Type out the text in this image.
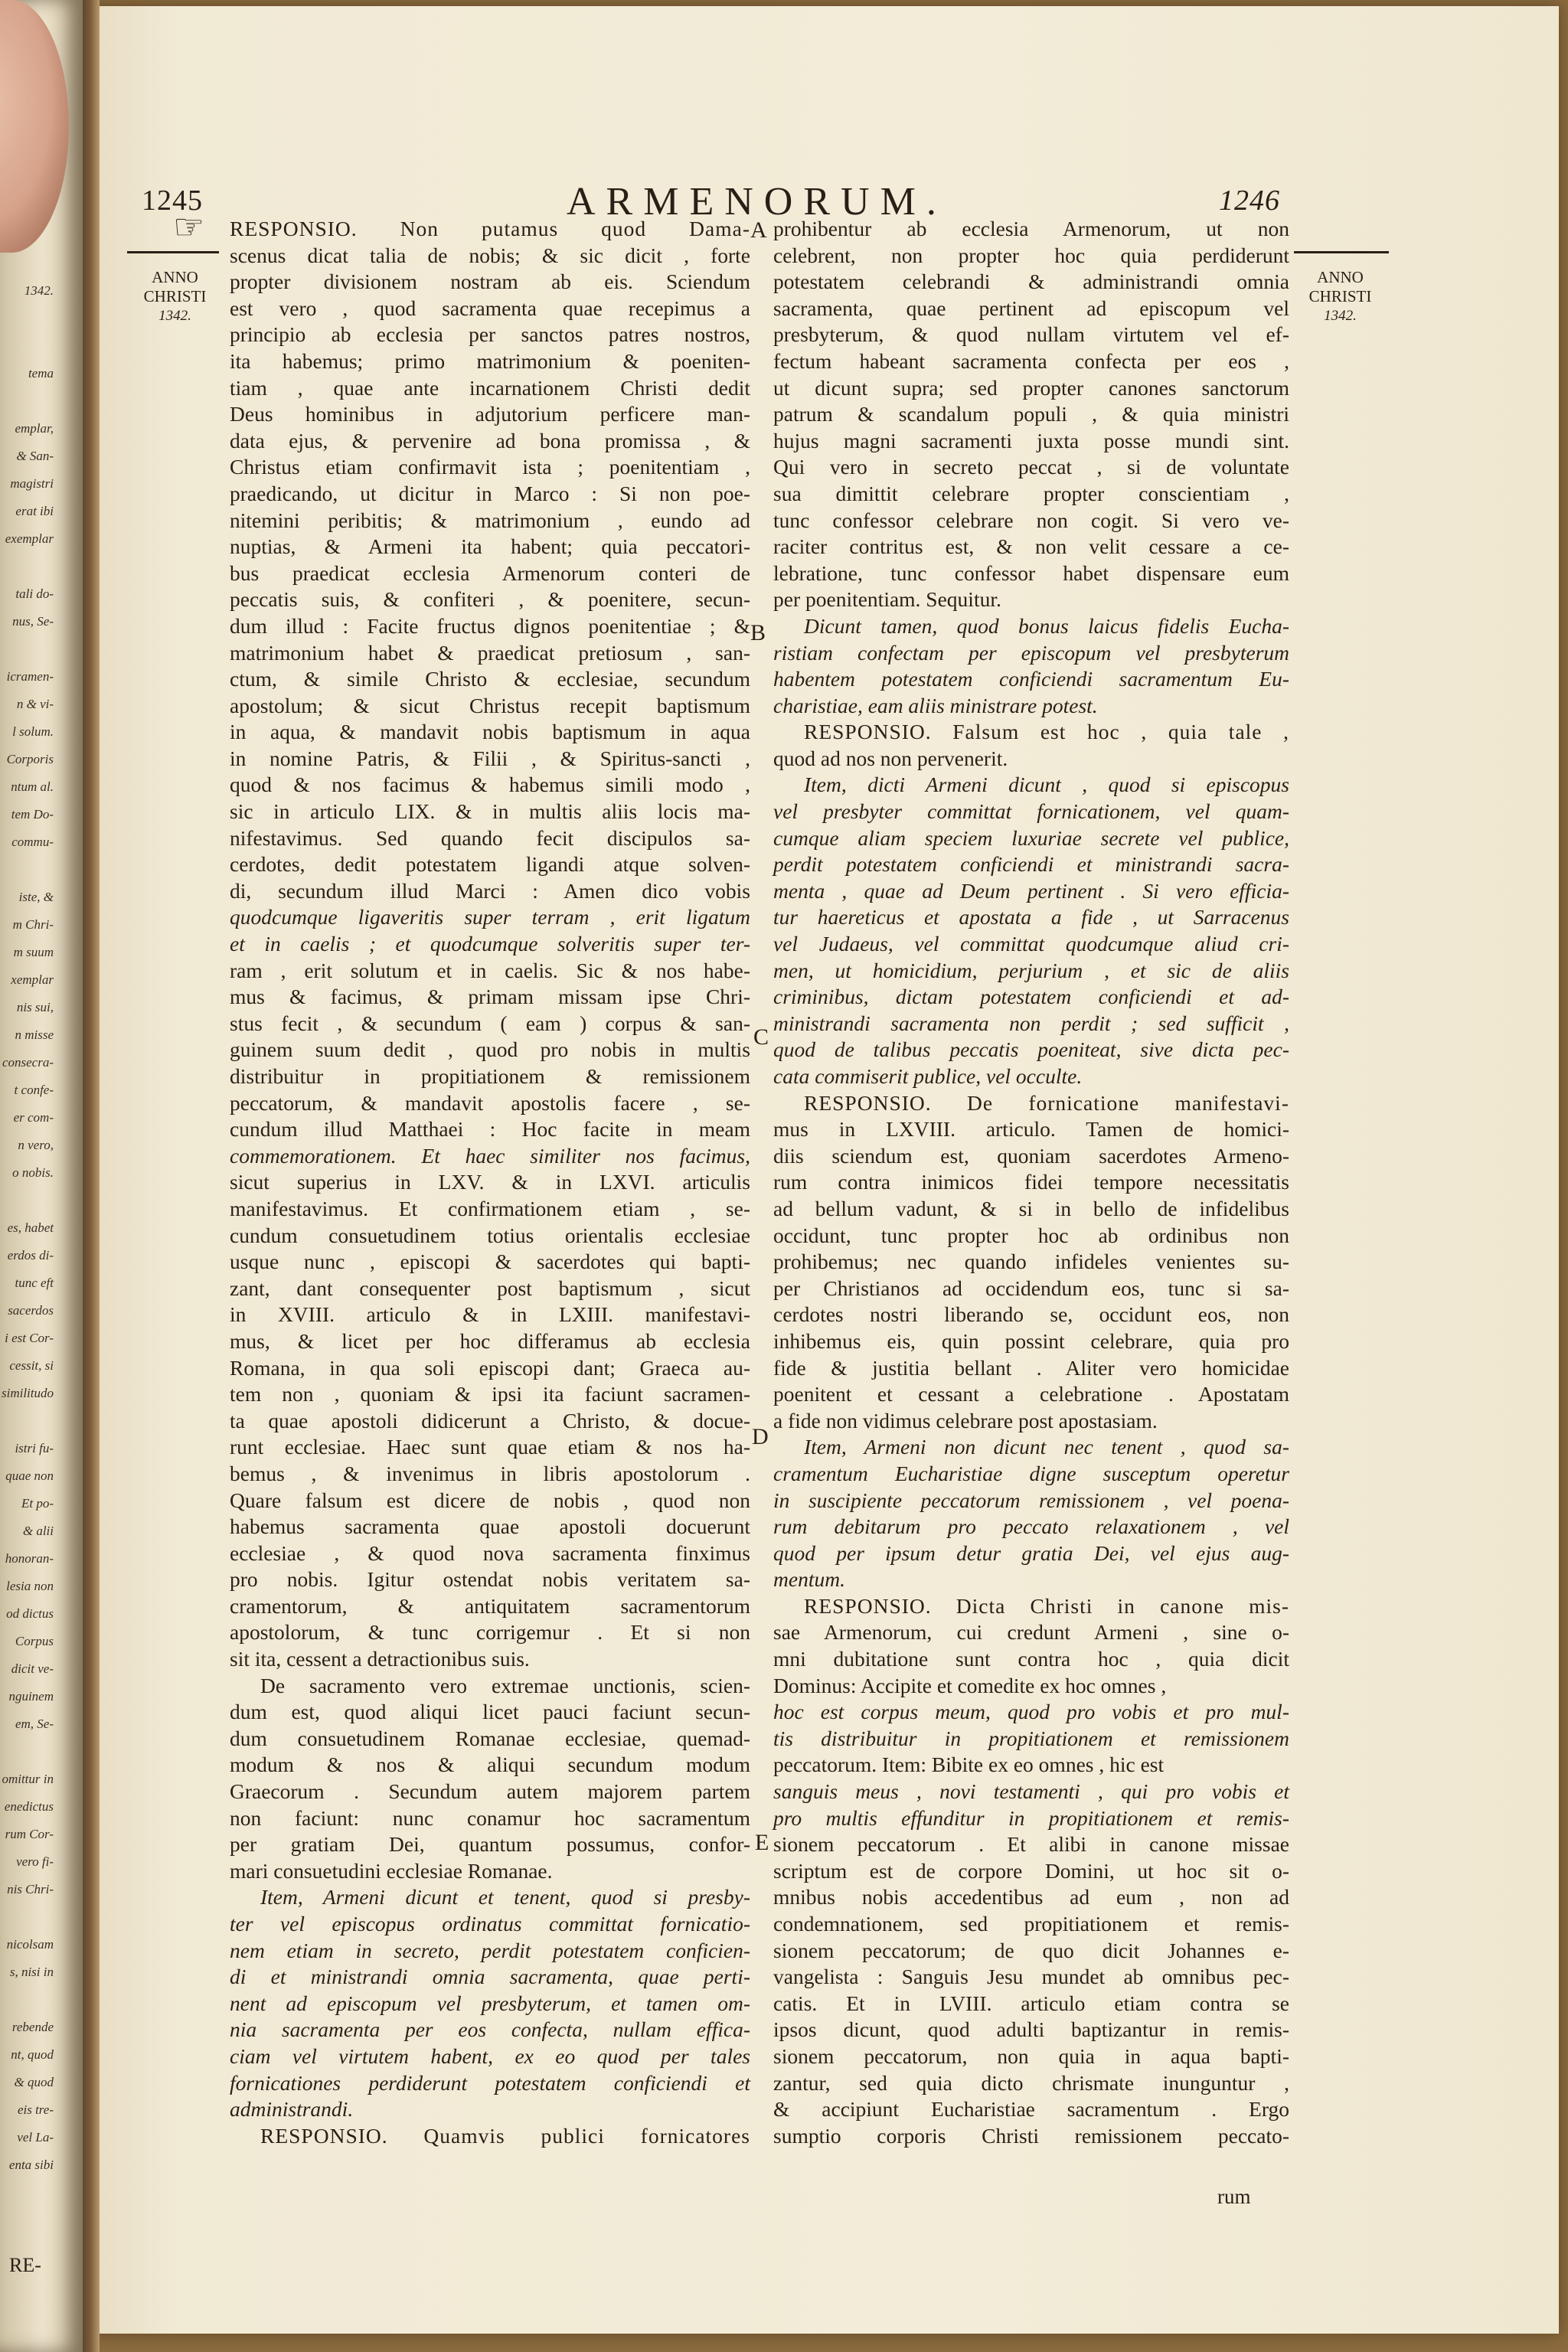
1342.
tema
emplar,
& San-
magistri
erat ibi
exemplar
tali do-
nus, Se-
icramen-
n & vi-
l solum.
Corporis
ntum al.
tem Do-
commu-
iste, &
m Chri-
m suum
xemplar
nis sui,
n misse
consecra-
t confe-
er com-
n vero,
o nobis.
es, habet
erdos di-
tunc eft
sacerdos
i est Cor-
cessit, si
similitudo
istri fu-
quae non
Et po-
& alii
honoran-
lesia non
od dictus
Corpus
dicit ve-
nguinem
em, Se-
omittur in
enedictus
rum Cor-
vero fi-
nis Chri-
nicolsam
s, nisi in
rebende
nt, quod
& quod
eis tre-
vel La-
enta sibi
RE-
1245	ARMENORUM.	1246
☞
ANNO
CHRISTI
1342.
ANNO
CHRISTI
1342.
A
B
C
D
E
RESPONSIO. Non putamus quod Dama-
scenus dicat talia de nobis; & sic dicit , forte
propter divisionem nostram ab eis. Sciendum
est vero , quod sacramenta quae recepimus a
principio ab ecclesia per sanctos patres nostros,
ita habemus; primo matrimonium & poeniten-
tiam , quae ante incarnationem Christi dedit
Deus hominibus in adjutorium perficere man-
data ejus, & pervenire ad bona promissa , &
Christus etiam confirmavit ista ; poenitentiam ,
praedicando, ut dicitur in Marco : Si non poe-
nitemini peribitis; & matrimonium , eundo ad
nuptias, & Armeni ita habent; quia peccatori-
bus praedicat ecclesia Armenorum conteri de
peccatis suis, & confiteri , & poenitere, secun-
dum illud : Facite fructus dignos poenitentiae ; &
matrimonium habet & praedicat pretiosum , san-
ctum, & simile Christo & ecclesiae, secundum
apostolum; & sicut Christus recepit baptismum
in aqua, & mandavit nobis baptismum in aqua
in nomine Patris, & Filii , & Spiritus-sancti ,
quod & nos facimus & habemus simili modo ,
sic in articulo LIX. & in multis aliis locis ma-
nifestavimus. Sed quando fecit discipulos sa-
cerdotes, dedit potestatem ligandi atque solven-
di, secundum illud Marci : Amen dico vobis
quodcumque ligaveritis super terram , erit ligatum
et in caelis ; et quodcumque solveritis super ter-
ram , erit solutum et in caelis. Sic & nos habe-
mus & facimus, & primam missam ipse Chri-
stus fecit , & secundum ( eam ) corpus & san-
guinem suum dedit , quod pro nobis in multis
distribuitur in propitiationem & remissionem
peccatorum, & mandavit apostolis facere , se-
cundum illud Matthaei : Hoc facite in meam
commemorationem. Et haec similiter nos facimus,
sicut superius in LXV. & in LXVI. articulis
manifestavimus. Et confirmationem etiam , se-
cundum consuetudinem totius orientalis ecclesiae
usque nunc , episcopi & sacerdotes qui bapti-
zant, dant consequenter post baptismum , sicut
in XVIII. articulo & in LXIII. manifestavi-
mus, & licet per hoc differamus ab ecclesia
Romana, in qua soli episcopi dant; Graeca au-
tem non , quoniam & ipsi ita faciunt sacramen-
ta quae apostoli didicerunt a Christo, & docue-
runt ecclesiae. Haec sunt quae etiam & nos ha-
bemus , & invenimus in libris apostolorum .
Quare falsum est dicere de nobis , quod non
habemus sacramenta quae apostoli docuerunt
ecclesiae , & quod nova sacramenta finximus
pro nobis. Igitur ostendat nobis veritatem sa-
cramentorum, & antiquitatem sacramentorum
apostolorum, & tunc corrigemur . Et si non
sit ita, cessent a detractionibus suis.
De sacramento vero extremae unctionis, scien-
dum est, quod aliqui licet pauci faciunt secun-
dum consuetudinem Romanae ecclesiae, quemad-
modum & nos & aliqui secundum modum
Graecorum . Secundum autem majorem partem
non faciunt: nunc conamur hoc sacramentum
per gratiam Dei, quantum possumus, confor-
mari consuetudini ecclesiae Romanae.
Item, Armeni dicunt et tenent, quod si presby-
ter vel episcopus ordinatus committat fornicatio-
nem etiam in secreto, perdit potestatem conficien-
di et ministrandi omnia sacramenta, quae perti-
nent ad episcopum vel presbyterum, et tamen om-
nia sacramenta per eos confecta, nullam effica-
ciam vel virtutem habent, ex eo quod per tales
fornicationes perdiderunt potestatem conficiendi et
administrandi.
RESPONSIO. Quamvis publici fornicatores
prohibentur ab ecclesia Armenorum, ut non
celebrent, non propter hoc quia perdiderunt
potestatem celebrandi & administrandi omnia
sacramenta, quae pertinent ad episcopum vel
presbyterum, & quod nullam virtutem vel ef-
fectum habeant sacramenta confecta per eos ,
ut dicunt supra; sed propter canones sanctorum
patrum & scandalum populi , & quia ministri
hujus magni sacramenti juxta posse mundi sint.
Qui vero in secreto peccat , si de voluntate
sua dimittit celebrare propter conscientiam ,
tunc confessor celebrare non cogit. Si vero ve-
raciter contritus est, & non velit cessare a ce-
lebratione, tunc confessor habet dispensare eum
per poenitentiam. Sequitur.
Dicunt tamen, quod bonus laicus fidelis Eucha-
ristiam confectam per episcopum vel presbyterum
habentem potestatem conficiendi sacramentum Eu-
charistiae, eam aliis ministrare potest.
RESPONSIO. Falsum est hoc , quia tale ,
quod ad nos non pervenerit.
Item, dicti Armeni dicunt , quod si episcopus
vel presbyter committat fornicationem, vel quam-
cumque aliam speciem luxuriae secrete vel publice,
perdit potestatem conficiendi et ministrandi sacra-
menta , quae ad Deum pertinent . Si vero efficia-
tur haereticus et apostata a fide , ut Sarracenus
vel Judaeus, vel committat quodcumque aliud cri-
men, ut homicidium, perjurium , et sic de aliis
criminibus, dictam potestatem conficiendi et ad-
ministrandi sacramenta non perdit ; sed sufficit ,
quod de talibus peccatis poeniteat, sive dicta pec-
cata commiserit publice, vel occulte.
RESPONSIO. De fornicatione manifestavi-
mus in LXVIII. articulo. Tamen de homici-
diis sciendum est, quoniam sacerdotes Armeno-
rum contra inimicos fidei tempore necessitatis
ad bellum vadunt, & si in bello de infidelibus
occidunt, tunc propter hoc ab ordinibus non
prohibemus; nec quando infideles venientes su-
per Christianos ad occidendum eos, tunc si sa-
cerdotes nostri liberando se, occidunt eos, non
inhibemus eis, quin possint celebrare, quia pro
fide & justitia bellant . Aliter vero homicidae
poenitent et cessant a celebratione . Apostatam
a fide non vidimus celebrare post apostasiam.
Item, Armeni non dicunt nec tenent , quod sa-
cramentum Eucharistiae digne susceptum operetur
in suscipiente peccatorum remissionem , vel poena-
rum debitarum pro peccato relaxationem , vel
quod per ipsum detur gratia Dei, vel ejus aug-
mentum.
RESPONSIO. Dicta Christi in canone mis-
sae Armenorum, cui credunt Armeni , sine o-
mni dubitatione sunt contra hoc , quia dicit
Dominus: Accipite et comedite ex hoc omnes ,
hoc est corpus meum, quod pro vobis et pro mul-
tis distribuitur in propitiationem et remissionem
peccatorum. Item: Bibite ex eo omnes , hic est
sanguis meus , novi testamenti , qui pro vobis et
pro multis effunditur in propitiationem et remis-
sionem peccatorum . Et alibi in canone missae
scriptum est de corpore Domini, ut hoc sit o-
mnibus nobis accedentibus ad eum , non ad
condemnationem, sed propitiationem et remis-
sionem peccatorum; de quo dicit Johannes e-
vangelista : Sanguis Jesu mundet ab omnibus pec-
catis. Et in LVIII. articulo etiam contra se
ipsos dicunt, quod adulti baptizantur in remis-
sionem peccatorum, non quia in aqua bapti-
zantur, sed quia dicto chrismate inunguntur ,
& accipiunt Eucharistiae sacramentum . Ergo
sumptio corporis Christi remissionem peccato-
rum
